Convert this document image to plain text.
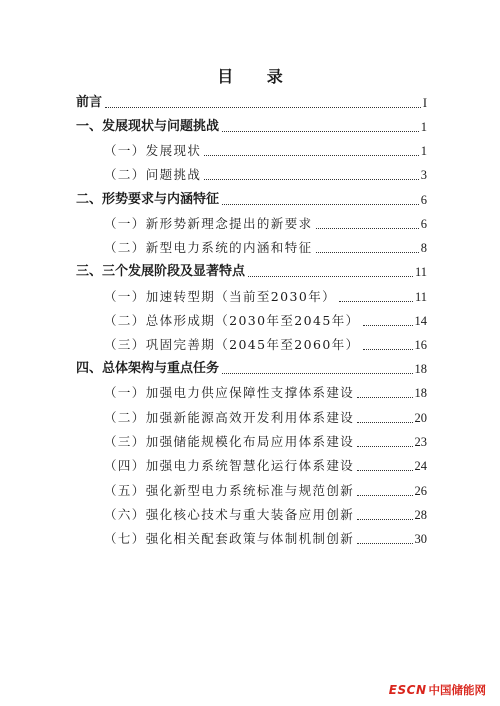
目 录
前言	I
一、发展现状与问题挑战	1
（一）发展现状	1
（二）问题挑战	3
二、形势要求与内涵特征	6
（一）新形势新理念提出的新要求	6
（二）新型电力系统的内涵和特征	8
三、三个发展阶段及显著特点	11
（一）加速转型期（当前至2030年）	11
（二）总体形成期（2030年至2045年）	14
（三）巩固完善期（2045年至2060年）	16
四、总体架构与重点任务	18
（一）加强电力供应保障性支撑体系建设	18
（二）加强新能源高效开发利用体系建设	20
（三）加强储能规模化布局应用体系建设	23
（四）加强电力系统智慧化运行体系建设	24
（五）强化新型电力系统标准与规范创新	26
（六）强化核心技术与重大装备应用创新	28
（七）强化相关配套政策与体制机制创新	30
ESCN 中国储能网
